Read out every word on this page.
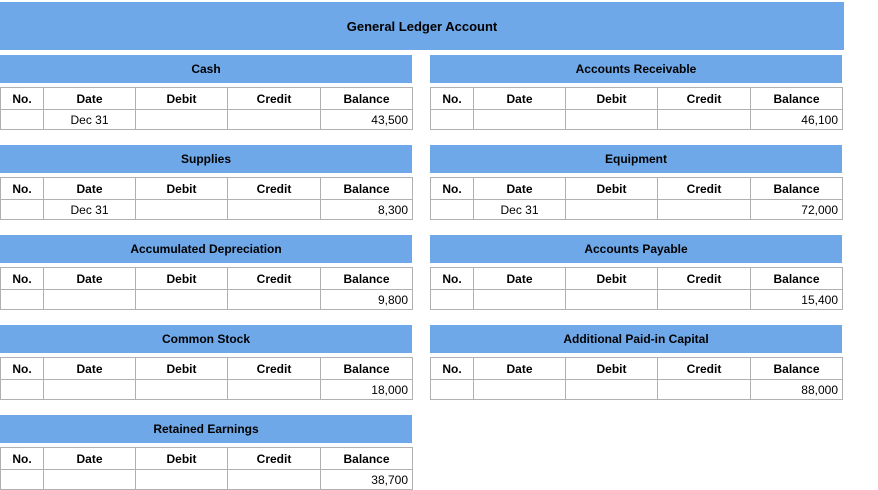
General Ledger Account
Cash
No.	Date	Debit	Credit	Balance
	Dec 31			43,500
Accounts Receivable
No.	Date	Debit	Credit	Balance
				46,100
Supplies
No.	Date	Debit	Credit	Balance
	Dec 31			8,300
Equipment
No.	Date	Debit	Credit	Balance
	Dec 31			72,000
Accumulated Depreciation
No.	Date	Debit	Credit	Balance
				9,800
Accounts Payable
No.	Date	Debit	Credit	Balance
				15,400
Common Stock
No.	Date	Debit	Credit	Balance
				18,000
Additional Paid-in Capital
No.	Date	Debit	Credit	Balance
				88,000
Retained Earnings
No.	Date	Debit	Credit	Balance
				38,700
